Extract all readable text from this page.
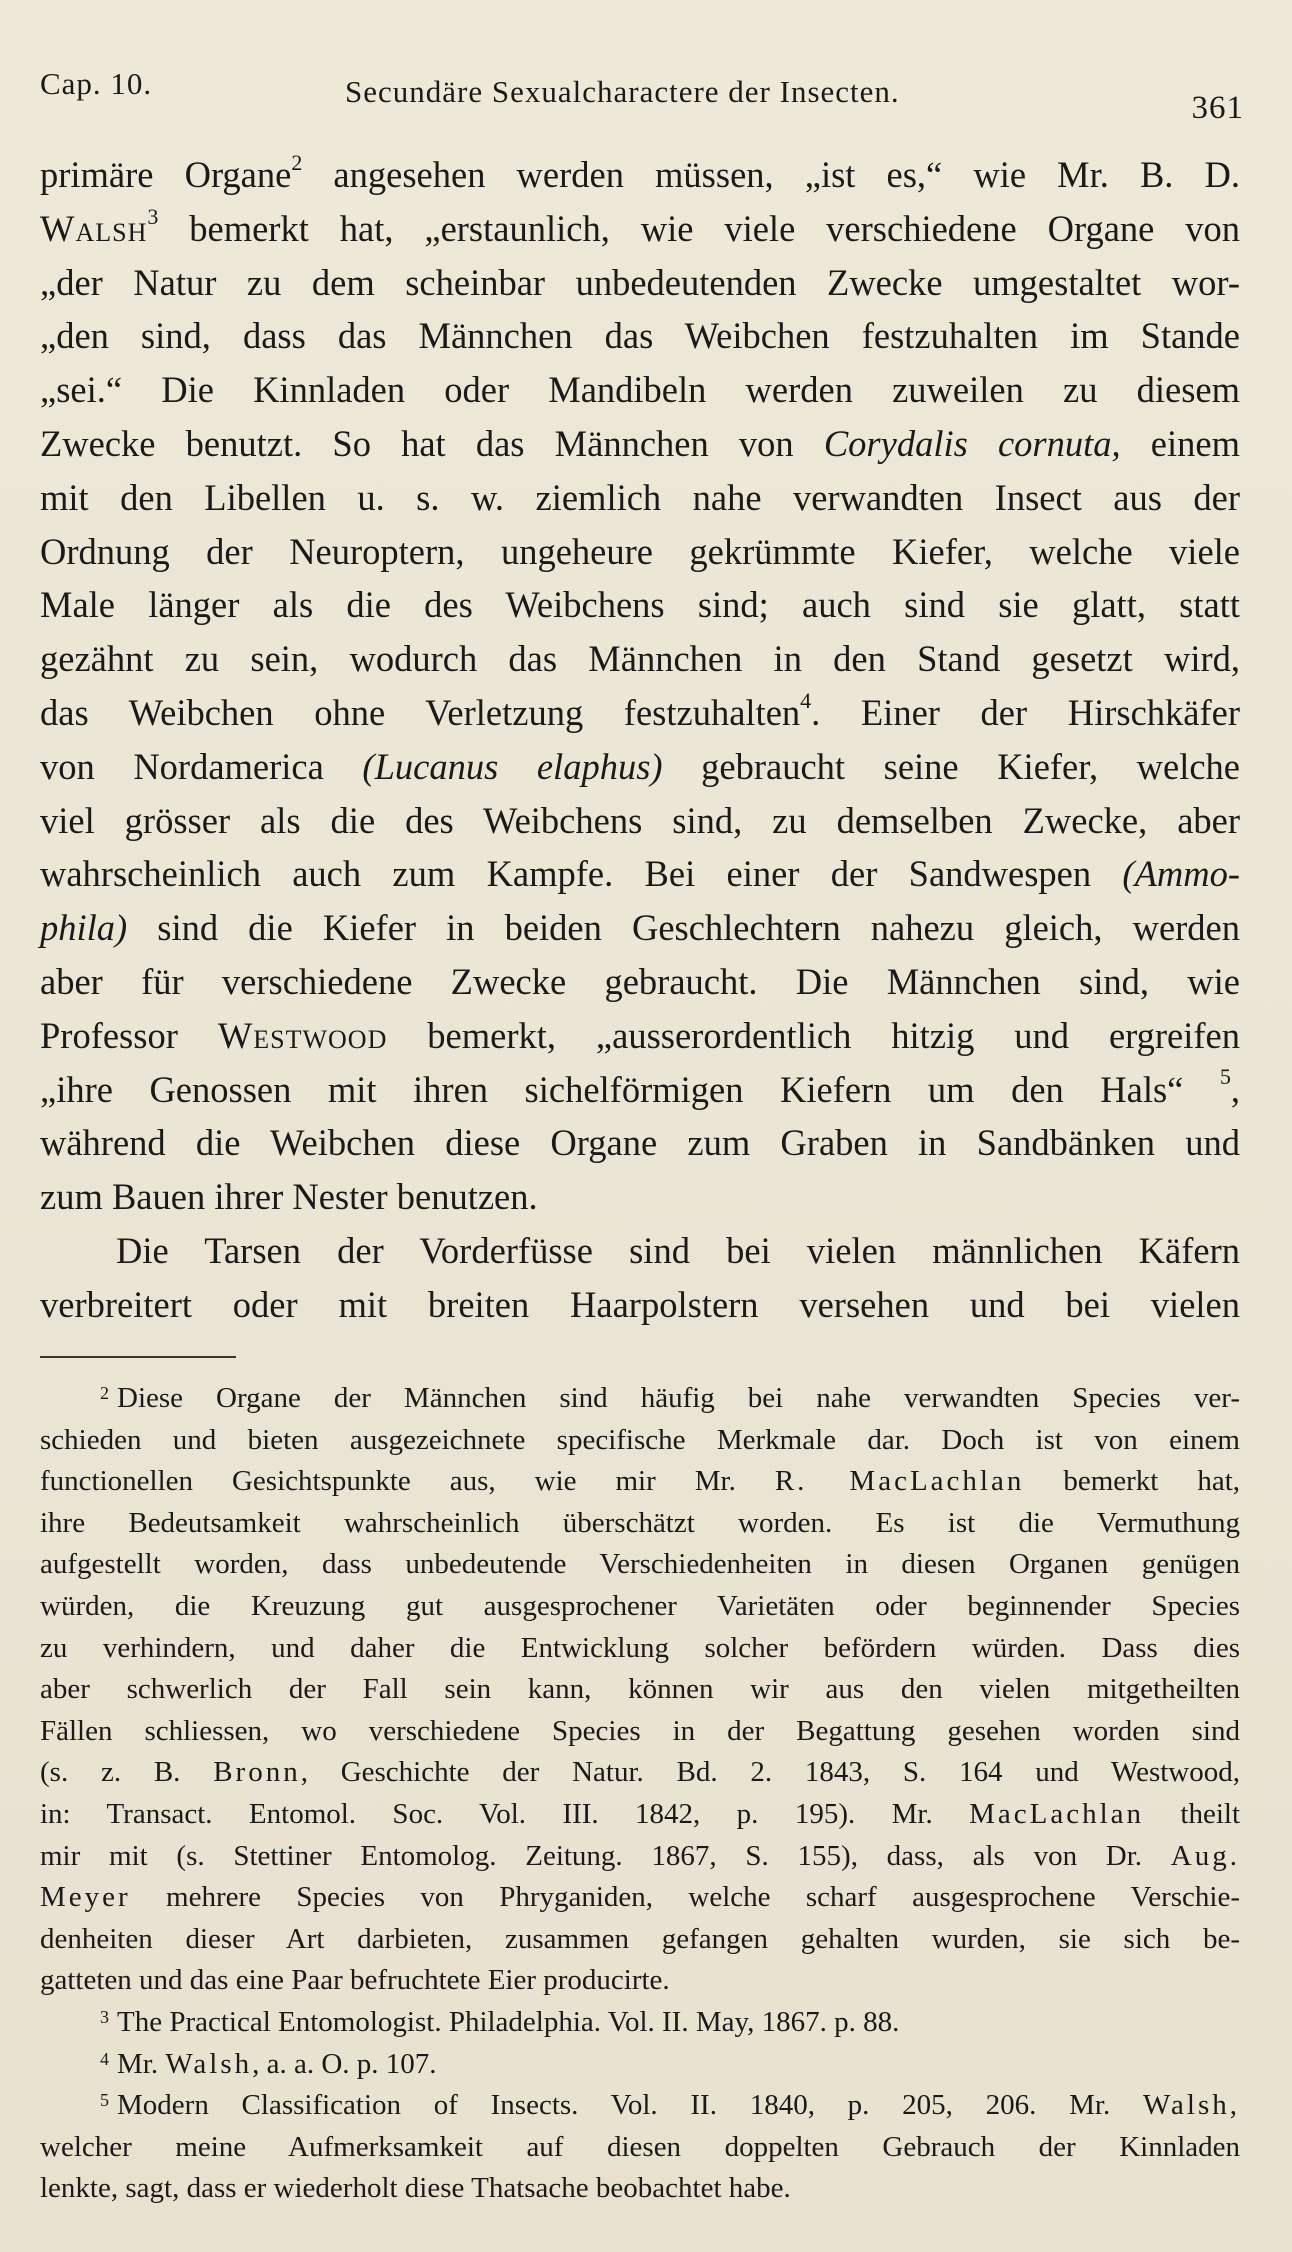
Cap. 10.	Secundäre Sexualcharactere der Insecten.	361
primäre Organe$^2$ angesehen werden müssen, „ist es,“ wie Mr. B. D.
Walsh$^3$ bemerkt hat, „erstaunlich, wie viele verschiedene Organe von
„der Natur zu dem scheinbar unbedeutenden Zwecke umgestaltet wor-
„den sind, dass das Männchen das Weibchen festzuhalten im Stande
„sei.“ Die Kinnladen oder Mandibeln werden zuweilen zu diesem
Zwecke benutzt. So hat das Männchen von Corydalis cornuta, einem
mit den Libellen u. s. w. ziemlich nahe verwandten Insect aus der
Ordnung der Neuroptern, ungeheure gekrümmte Kiefer, welche viele
Male länger als die des Weibchens sind; auch sind sie glatt, statt
gezähnt zu sein, wodurch das Männchen in den Stand gesetzt wird,
das Weibchen ohne Verletzung festzuhalten$^4$. Einer der Hirschkäfer
von Nordamerica (Lucanus elaphus) gebraucht seine Kiefer, welche
viel grösser als die des Weibchens sind, zu demselben Zwecke, aber
wahrscheinlich auch zum Kampfe. Bei einer der Sandwespen (Ammo-
phila) sind die Kiefer in beiden Geschlechtern nahezu gleich, werden
aber für verschiedene Zwecke gebraucht. Die Männchen sind, wie
Professor Westwood bemerkt, „ausserordentlich hitzig und ergreifen
„ihre Genossen mit ihren sichelförmigen Kiefern um den Hals“ $^5$,
während die Weibchen diese Organe zum Graben in Sandbänken und
zum Bauen ihrer Nester benutzen.
Die Tarsen der Vorderfüsse sind bei vielen männlichen Käfern
verbreitert oder mit breiten Haarpolstern versehen und bei vielen
$^2$ Diese Organe der Männchen sind häufig bei nahe verwandten Species ver-
schieden und bieten ausgezeichnete specifische Merkmale dar. Doch ist von einem
functionellen Gesichtspunkte aus, wie mir Mr. R. MacLachlan bemerkt hat,
ihre Bedeutsamkeit wahrscheinlich überschätzt worden. Es ist die Vermuthung
aufgestellt worden, dass unbedeutende Verschiedenheiten in diesen Organen genügen
würden, die Kreuzung gut ausgesprochener Varietäten oder beginnender Species
zu verhindern, und daher die Entwicklung solcher befördern würden. Dass dies
aber schwerlich der Fall sein kann, können wir aus den vielen mitgetheilten
Fällen schliessen, wo verschiedene Species in der Begattung gesehen worden sind
(s. z. B. Bronn, Geschichte der Natur. Bd. 2. 1843, S. 164 und Westwood,
in: Transact. Entomol. Soc. Vol. III. 1842, p. 195). Mr. MacLachlan theilt
mir mit (s. Stettiner Entomolog. Zeitung. 1867, S. 155), dass, als von Dr. Aug.
Meyer mehrere Species von Phryganiden, welche scharf ausgesprochene Verschie-
denheiten dieser Art darbieten, zusammen gefangen gehalten wurden, sie sich be-
gatteten und das eine Paar befruchtete Eier producirte.
$^3$ The Practical Entomologist. Philadelphia. Vol. II. May, 1867. p. 88.
$^4$ Mr. Walsh, a. a. O. p. 107.
$^5$ Modern Classification of Insects. Vol. II. 1840, p. 205, 206. Mr. Walsh,
welcher meine Aufmerksamkeit auf diesen doppelten Gebrauch der Kinnladen
lenkte, sagt, dass er wiederholt diese Thatsache beobachtet habe.
